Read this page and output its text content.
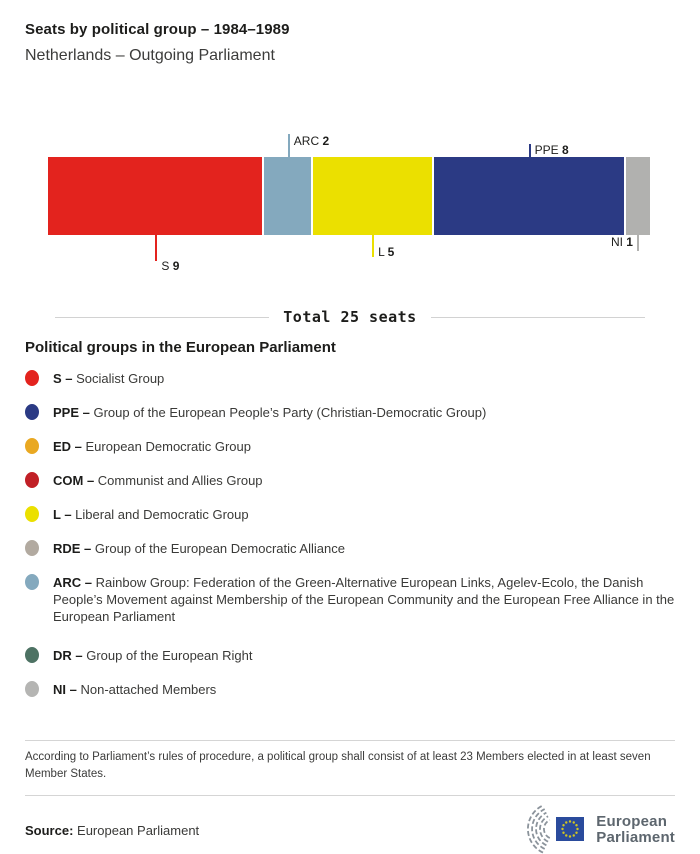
Seats by political group – 1984–1989
Netherlands – Outgoing Parliament
S 9
ARC 2
L 5
PPE 8
NI 1
Total 25 seats
Political groups in the European Parliament
S – Socialist Group
PPE – Group of the European People’s Party (Christian-Democratic Group)
ED – European Democratic Group
COM – Communist and Allies Group
L – Liberal and Democratic Group
RDE – Group of the European Democratic Alliance
ARC – Rainbow Group: Federation of the Green-Alternative European Links, Agelev-Ecolo, the Danish People’s Movement against Membership of the European Community and the European Free Alliance in the European Parliament
DR – Group of the European Right
NI – Non-attached Members

According to Parliament’s rules of procedure, a political group shall consist of at least 23 Members elected in at least seven Member States.

Source: European Parliament	European
Parliament
